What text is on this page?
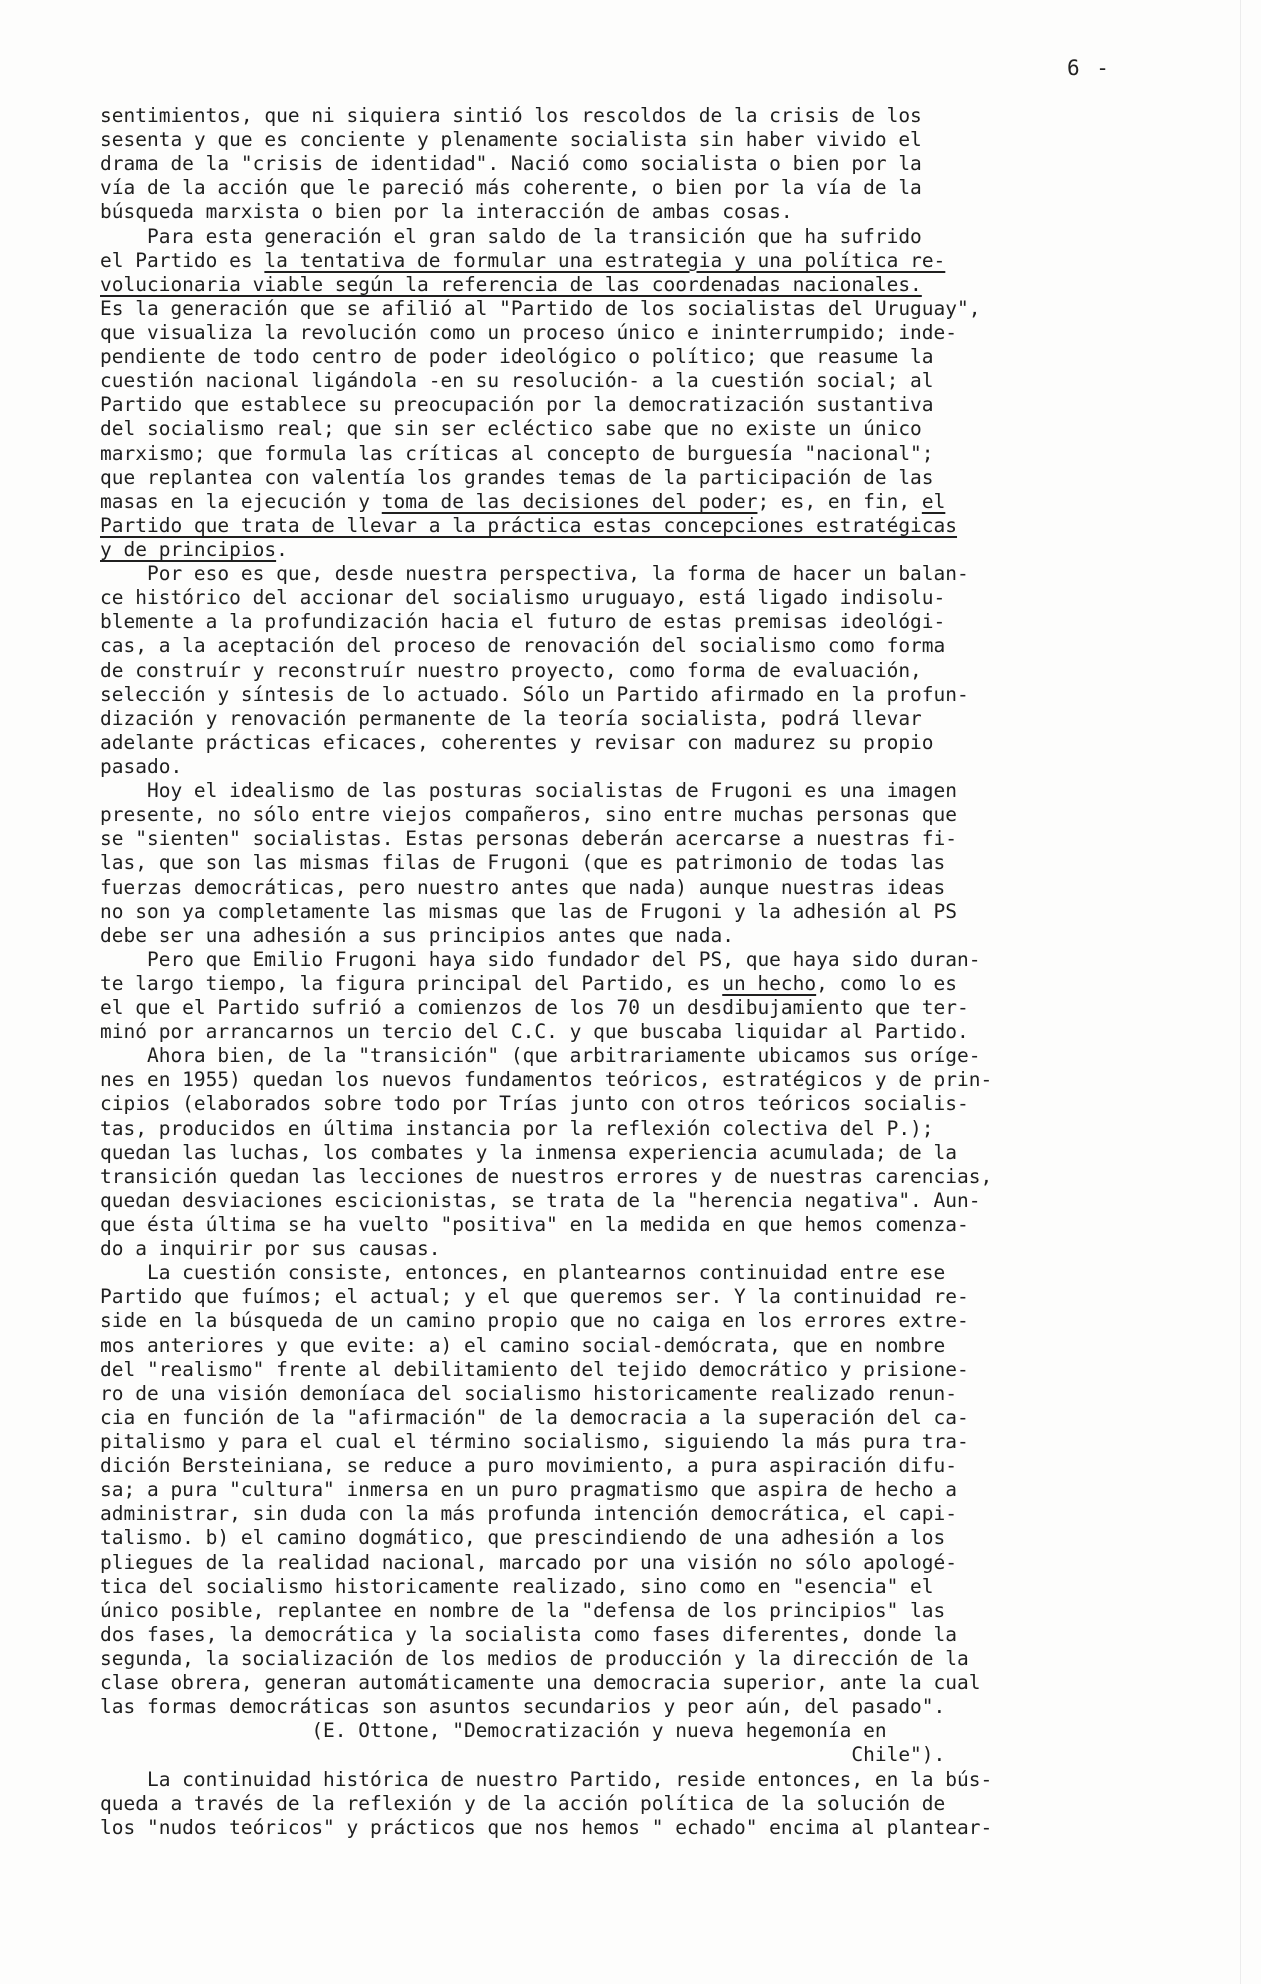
6 -
sentimientos, que ni siquiera sintió los rescoldos de la crisis de los
sesenta y que es conciente y plenamente socialista sin haber vivido el
drama de la "crisis de identidad". Nació como socialista o bien por la
vía de la acción que le pareció más coherente, o bien por la vía de la
búsqueda marxista o bien por la interacción de ambas cosas.
Para esta generación el gran saldo de la transición que ha sufrido
el Partido es la tentativa de formular una estrategia y una política re-
volucionaria viable según la referencia de las coordenadas nacionales.
Es la generación que se afilió al "Partido de los socialistas del Uruguay",
que visualiza la revolución como un proceso único e ininterrumpido; inde-
pendiente de todo centro de poder ideológico o político; que reasume la
cuestión nacional ligándola -en su resolución- a la cuestión social; al
Partido que establece su preocupación por la democratización sustantiva
del socialismo real; que sin ser ecléctico sabe que no existe un único
marxismo; que formula las críticas al concepto de burguesía "nacional";
que replantea con valentía los grandes temas de la participación de las
masas en la ejecución y toma de las decisiones del poder; es, en fin, el
Partido que trata de llevar a la práctica estas concepciones estratégicas
y de principios.
Por eso es que, desde nuestra perspectiva, la forma de hacer un balan-
ce histórico del accionar del socialismo uruguayo, está ligado indisolu-
blemente a la profundización hacia el futuro de estas premisas ideológi-
cas, a la aceptación del proceso de renovación del socialismo como forma
de construír y reconstruír nuestro proyecto, como forma de evaluación,
selección y síntesis de lo actuado. Sólo un Partido afirmado en la profun-
dización y renovación permanente de la teoría socialista, podrá llevar
adelante prácticas eficaces, coherentes y revisar con madurez su propio
pasado.
Hoy el idealismo de las posturas socialistas de Frugoni es una imagen
presente, no sólo entre viejos compañeros, sino entre muchas personas que
se "sienten" socialistas. Estas personas deberán acercarse a nuestras fi-
las, que son las mismas filas de Frugoni (que es patrimonio de todas las
fuerzas democráticas, pero nuestro antes que nada) aunque nuestras ideas
no son ya completamente las mismas que las de Frugoni y la adhesión al PS
debe ser una adhesión a sus principios antes que nada.
Pero que Emilio Frugoni haya sido fundador del PS, que haya sido duran-
te largo tiempo, la figura principal del Partido, es un hecho, como lo es
el que el Partido sufrió a comienzos de los 70 un desdibujamiento que ter-
minó por arrancarnos un tercio del C.C. y que buscaba liquidar al Partido.
Ahora bien, de la "transición" (que arbitrariamente ubicamos sus oríge-
nes en 1955) quedan los nuevos fundamentos teóricos, estratégicos y de prin-
cipios (elaborados sobre todo por Trías junto con otros teóricos socialis-
tas, producidos en última instancia por la reflexión colectiva del P.);
quedan las luchas, los combates y la inmensa experiencia acumulada; de la
transición quedan las lecciones de nuestros errores y de nuestras carencias,
quedan desviaciones escicionistas, se trata de la "herencia negativa". Aun-
que ésta última se ha vuelto "positiva" en la medida en que hemos comenza-
do a inquirir por sus causas.
La cuestión consiste, entonces, en plantearnos continuidad entre ese
Partido que fuímos; el actual; y el que queremos ser. Y la continuidad re-
side en la búsqueda de un camino propio que no caiga en los errores extre-
mos anteriores y que evite: a) el camino social-demócrata, que en nombre
del "realismo" frente al debilitamiento del tejido democrático y prisione-
ro de una visión demoníaca del socialismo historicamente realizado renun-
cia en función de la "afirmación" de la democracia a la superación del ca-
pitalismo y para el cual el término socialismo, siguiendo la más pura tra-
dición Bersteiniana, se reduce a puro movimiento, a pura aspiración difu-
sa; a pura "cultura" inmersa en un puro pragmatismo que aspira de hecho a
administrar, sin duda con la más profunda intención democrática, el capi-
talismo. b) el camino dogmático, que prescindiendo de una adhesión a los
pliegues de la realidad nacional, marcado por una visión no sólo apologé-
tica del socialismo historicamente realizado, sino como en "esencia" el
único posible, replantee en nombre de la "defensa de los principios" las
dos fases, la democrática y la socialista como fases diferentes, donde la
segunda, la socialización de los medios de producción y la dirección de la
clase obrera, generan automáticamente una democracia superior, ante la cual
las formas democráticas son asuntos secundarios y peor aún, del pasado".
(E. Ottone, "Democratización y nueva hegemonía en
Chile").
La continuidad histórica de nuestro Partido, reside entonces, en la bús-
queda a través de la reflexión y de la acción política de la solución de
los "nudos teóricos" y prácticos que nos hemos " echado" encima al plantear-
